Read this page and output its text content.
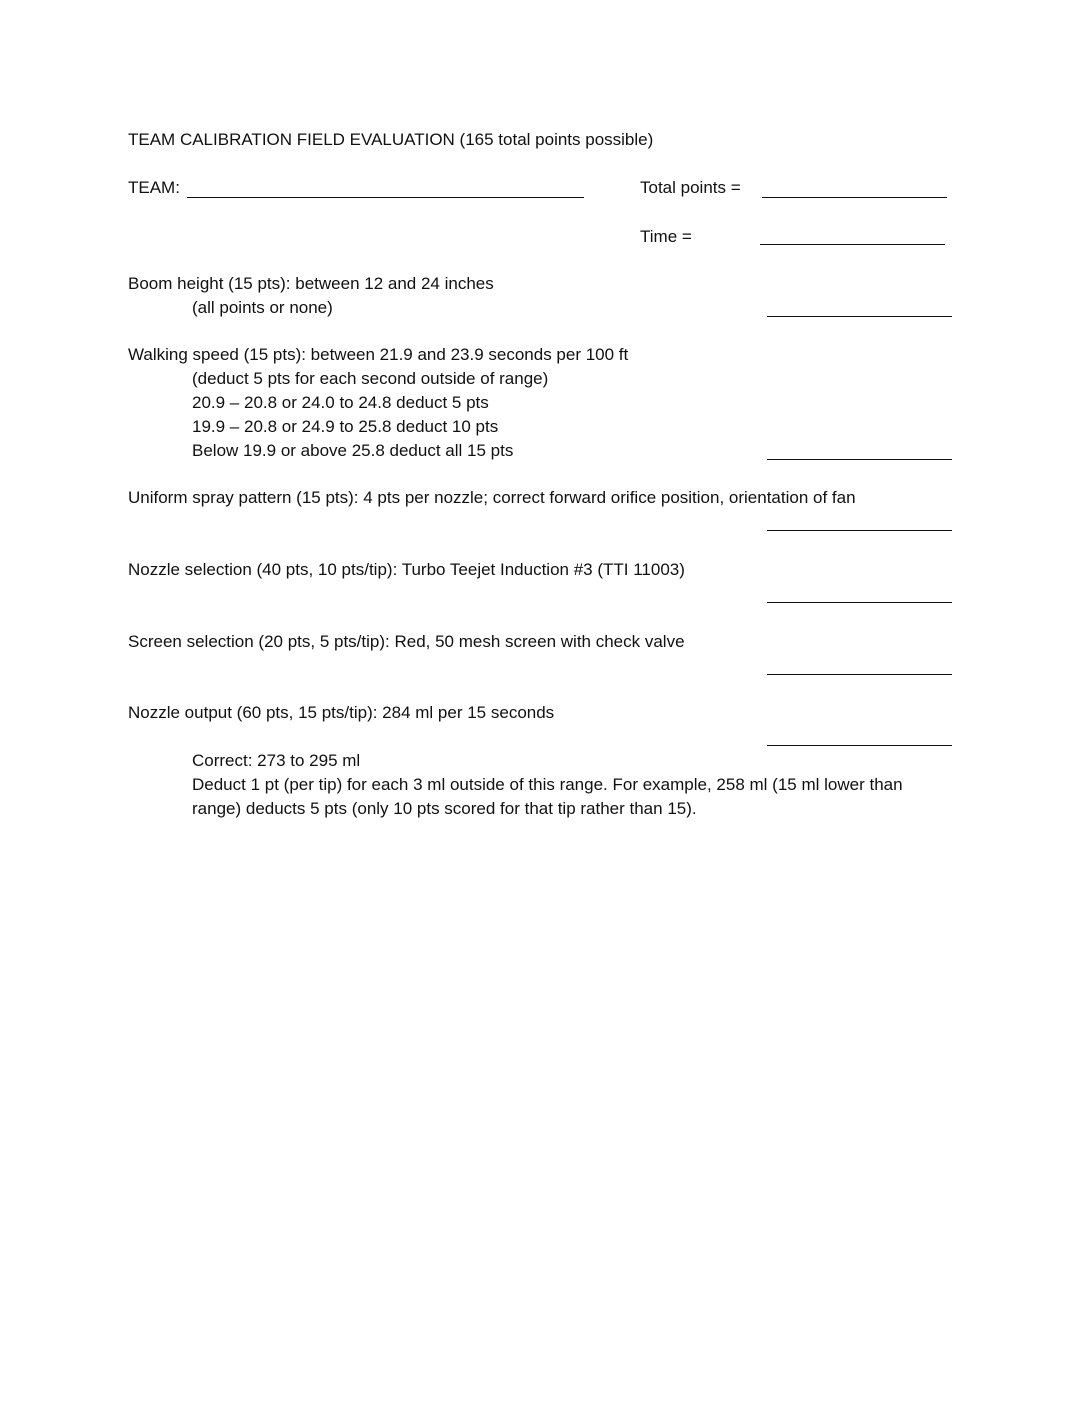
TEAM CALIBRATION FIELD EVALUATION (165 total points possible)
TEAM:	Total points =
Time =
Boom height (15 pts): between 12 and 24 inches
(all points or none)
Walking speed (15 pts): between 21.9 and 23.9 seconds per 100 ft
(deduct 5 pts for each second outside of range)
20.9 – 20.8 or 24.0 to 24.8 deduct 5 pts
19.9 – 20.8 or 24.9 to 25.8 deduct 10 pts
Below 19.9 or above 25.8 deduct all 15 pts
Uniform spray pattern (15 pts): 4 pts per nozzle; correct forward orifice position, orientation of fan
Nozzle selection (40 pts, 10 pts/tip): Turbo Teejet Induction #3 (TTI 11003)
Screen selection (20 pts, 5 pts/tip): Red, 50 mesh screen with check valve
Nozzle output (60 pts, 15 pts/tip): 284 ml per 15 seconds
Correct: 273 to 295 ml
Deduct 1 pt (per tip) for each 3 ml outside of this range. For example, 258 ml (15 ml lower than
range) deducts 5 pts (only 10 pts scored for that tip rather than 15).
